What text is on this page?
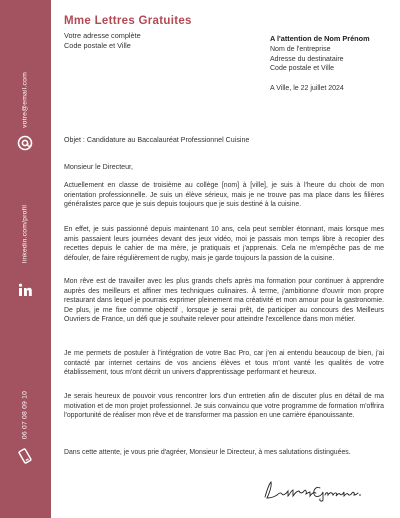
votre@email.com
linkedin.com/profil
06 07 08 09 10
Mme Lettres Gratuites
Votre adresse complète
Code postale et Ville
A l'attention de Nom Prénom
Nom de l'entreprise
Adresse du destinataire
Code postale et Ville
A Ville, le 22 juillet 2024
Objet : Candidature au Baccalauréat Professionnel Cuisine
Monsieur le Directeur,
Actuellement en classe de troisième au collège [nom] à [ville], je suis à l'heure du choix de mon orientation professionnelle. Je suis un élève sérieux, mais je ne trouve pas ma place dans les filières généralistes parce que je suis depuis toujours que je suis destiné à la cuisine.
En effet, je suis passionné depuis maintenant 10 ans, cela peut sembler étonnant, mais lorsque mes amis passaient leurs journées devant des jeux vidéo, moi je passais mon temps libre à recopier des recettes depuis le cahier de ma mère, je pratiquais et j'apprenais. Cela ne m'empêche pas de me défouler, de faire régulièrement de rugby, mais je garde toujours la passion de la cuisine.
Mon rêve est de travailler avec les plus grands chefs après ma formation pour continuer à apprendre auprès des meilleurs et affiner mes techniques culinaires. À terme, j'ambitionne d'ouvrir mon propre restaurant dans lequel je pourrais exprimer pleinement ma créativité et mon amour pour la gastronomie. De plus, je me fixe comme objectif , lorsque je serai prêt, de participer au concours des Meilleurs Ouvriers de France, un défi que je souhaite relever pour atteindre l'excellence dans mon métier.
Je me permets de postuler à l'intégration de votre Bac Pro, car j'en ai entendu beaucoup de bien, j'ai contacté par internet certains de vos anciens élèves et tous m'ont vanté les qualités de votre établissement, tous m'ont décrit un univers d'apprentissage performant et heureux.
Je serais heureux de pouvoir vous rencontrer lors d'un entretien afin de discuter plus en détail de ma motivation et de mon projet professionnel. Je suis convaincu que votre programme de formation m'offrira l'opportunité de réaliser mon rêve et de transformer ma passion en une carrière épanouissante.
Dans cette attente, je vous prie d'agréer, Monsieur le Directeur, à mes salutations distinguées.
